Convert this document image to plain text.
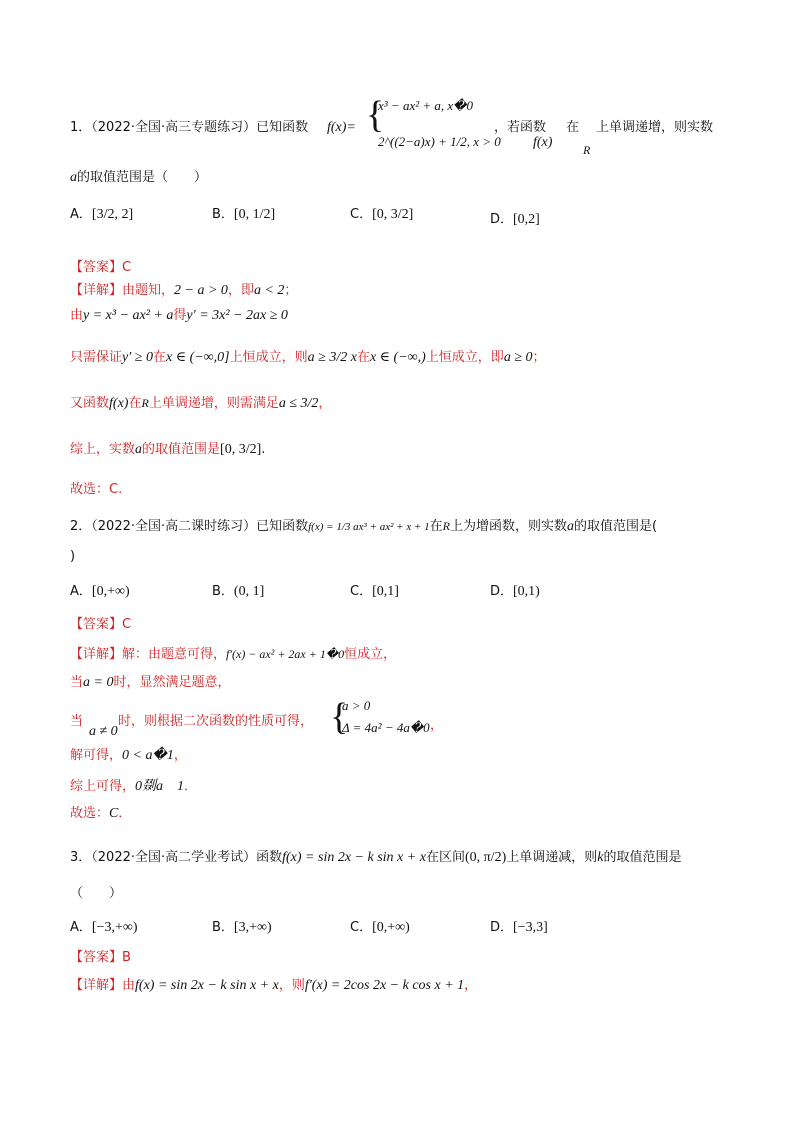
1．（2022·全国·高三专题练习）已知函数 f(x)= {
x³ − ax² + a, x�0
2^((2−a)x) + 1/2, x > 0
，若函数
f(x)
在
R
上单调递增，则实数
a的取值范围是（　　）
A．[3/2, 2]	B．[0, 1/2]	C．[0, 3/2]	D．[0,2]
【答案】C
【详解】由题知，2 − a > 0，即a < 2；
由y = x³ − ax² + a得y′ = 3x² − 2ax ≥ 0
只需保证y′ ≥ 0在x ∈ (−∞,0]上恒成立，则a ≥ 3/2 x在x ∈ (−∞,)上恒成立，即a ≥ 0；
又函数f(x)在R上单调递增，则需满足a ≤ 3/2，
综上，实数a的取值范围是[0, 3/2].
故选：C.
2．（2022·全国·高二课时练习）已知函数f(x) = 1/3 ax³ + ax² + x + 1在R上为增函数，则实数a的取值范围是(
)
A．[0,+∞)	B．(0, 1]	C．[0,1]	D．[0,1)
【答案】C
【详解】解：由题意可得，f′(x) − ax² + 2ax + 1�0恒成立，
当a = 0时，显然满足题意，
当
a ≠ 0
时，则根据二次函数的性质可得， {
a > 0
Δ = 4a² − 4a�0 ，
解可得，0 < a�1，
综上可得，0剟a　1．
故选：C．
3．（2022·全国·高二学业考试）函数f(x) = sin 2x − k sin x + x在区间(0, π/2)上单调递减，则k的取值范围是
（　　）
A．[−3,+∞)	B．[3,+∞)	C．[0,+∞)	D．[−3,3]
【答案】B
【详解】由f(x) = sin 2x − k sin x + x，则f′(x) = 2cos 2x − k cos x + 1，
